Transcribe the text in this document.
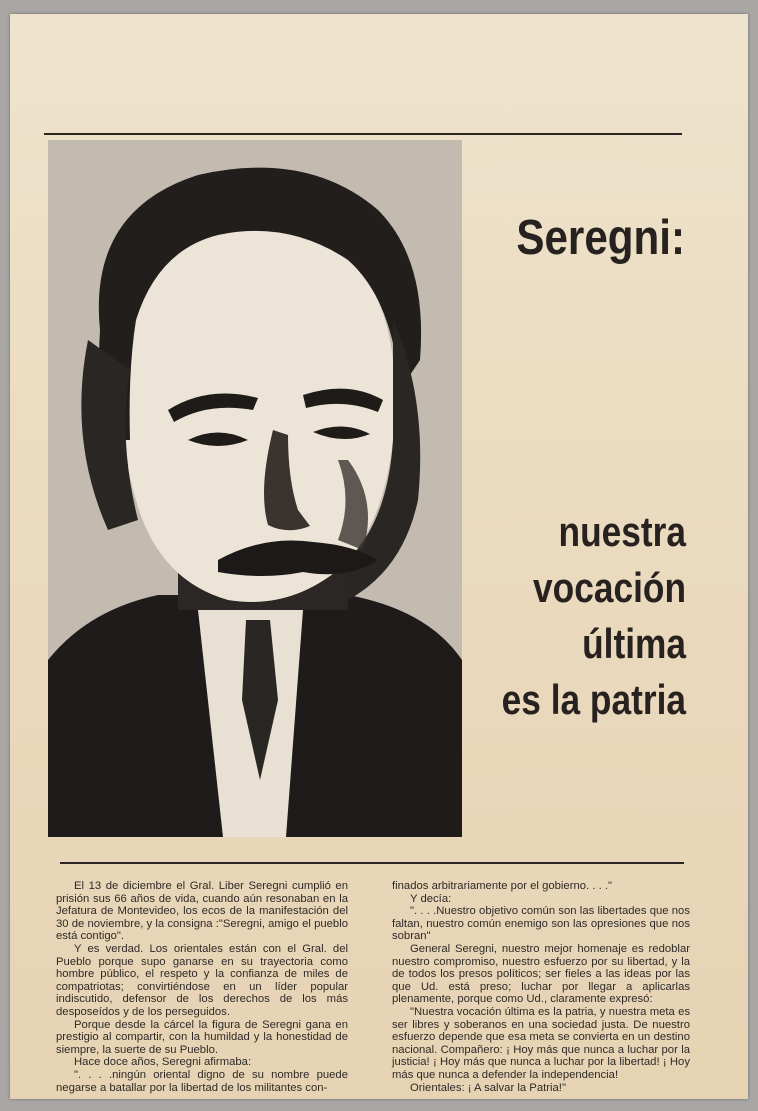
Seregni:
nuestra
vocación
última
es la patria

El 13 de diciembre el Gral. Liber Seregni cumplió en prisión sus 66 años de vida, cuando aún resonaban en la Jefatura de Montevideo, los ecos de la manifestación del 30 de noviembre, y la consigna :"Seregni, amigo el pueblo está contigo".

Y es verdad. Los orientales están con el Gral. del Pueblo porque supo ganarse en su trayectoria como hombre público, el respeto y la confianza de miles de compatriotas; convirtiéndose en un líder popular indiscutido, defensor de los derechos de los más desposeídos y de los perseguidos.

Porque desde la cárcel la figura de Seregni gana en prestigio al compartir, con la humildad y la honestidad de siempre, la suerte de su Pueblo.

Hace doce años, Seregni afirmaba:

". . . .ningún oriental digno de su nombre puede negarse a batallar por la libertad de los militantes con-

finados arbitrariamente por el gobierno. . . ."

Y decía:

". . . .Nuestro objetivo común son las libertades que nos faltan, nuestro común enemigo son las opresiones que nos sobran"

General Seregni, nuestro mejor homenaje es redoblar nuestro compromiso, nuestro esfuerzo por su libertad, y la de todos los presos políticos; ser fieles a las ideas por las que Ud. está preso; luchar por llegar a aplicarlas plenamente, porque como Ud., claramente expresó:

"Nuestra vocación última es la patria, y nuestra meta es ser libres y soberanos en una sociedad justa. De nuestro esfuerzo depende que esa meta se convierta en un destino nacional. Compañero: ¡ Hoy más que nunca a luchar por la justicia! ¡ Hoy más que nunca a luchar por la libertad! ¡ Hoy más que nunca a defender la independencia!

Orientales: ¡ A salvar la Patria!"
